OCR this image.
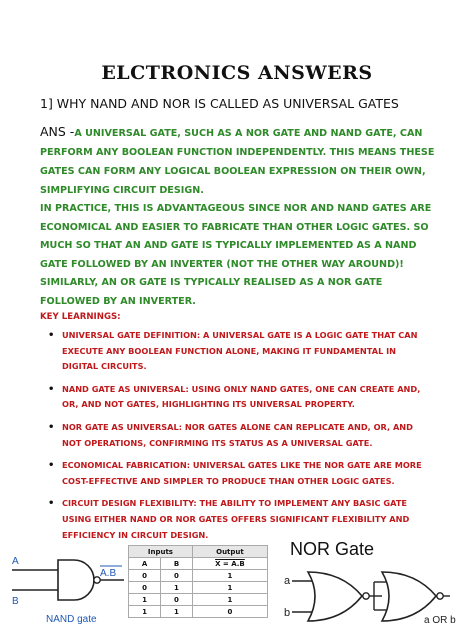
ELCTRONICS ANSWERS
1] WHY NAND AND NOR IS CALLED AS UNIVERSAL GATES
ANS -A UNIVERSAL GATE, SUCH AS A NOR GATE AND NAND GATE, CAN PERFORM ANY BOOLEAN FUNCTION INDEPENDENTLY. THIS MEANS THESE GATES CAN FORM ANY LOGICAL BOOLEAN EXPRESSION ON THEIR OWN, SIMPLIFYING CIRCUIT DESIGN.
IN PRACTICE, THIS IS ADVANTAGEOUS SINCE NOR AND NAND GATES ARE ECONOMICAL AND EASIER TO FABRICATE THAN OTHER LOGIC GATES. SO MUCH SO THAT AN AND GATE IS TYPICALLY IMPLEMENTED AS A NAND GATE FOLLOWED BY AN INVERTER (NOT THE OTHER WAY AROUND)! SIMILARLY, AN OR GATE IS TYPICALLY REALISED AS A NOR GATE FOLLOWED BY AN INVERTER.
KEY LEARNINGS:
• UNIVERSAL GATE DEFINITION: A UNIVERSAL GATE IS A LOGIC GATE THAT CAN EXECUTE ANY BOOLEAN FUNCTION ALONE, MAKING IT FUNDAMENTAL IN DIGITAL CIRCUITS.
• NAND GATE AS UNIVERSAL: USING ONLY NAND GATES, ONE CAN CREATE AND, OR, AND NOT GATES, HIGHLIGHTING ITS UNIVERSAL PROPERTY.
• NOR GATE AS UNIVERSAL: NOR GATES ALONE CAN REPLICATE AND, OR, AND NOT OPERATIONS, CONFIRMING ITS STATUS AS A UNIVERSAL GATE.
• ECONOMICAL FABRICATION: UNIVERSAL GATES LIKE THE NOR GATE ARE MORE COST-EFFECTIVE AND SIMPLER TO PRODUCE THAN OTHER LOGIC GATES.
• CIRCUIT DESIGN FLEXIBILITY: THE ABILITY TO IMPLEMENT ANY BASIC GATE USING EITHER NAND OR NOR GATES OFFERS SIGNIFICANT FLEXIBILITY AND EFFICIENCY IN CIRCUIT DESIGN.
A
B
A.B
NAND gate
Inputs		Output
A	B	X = A.B
0	0	1
0	1	1
1	0	1
1	1	0
NOR Gate
a
b
a OR b
